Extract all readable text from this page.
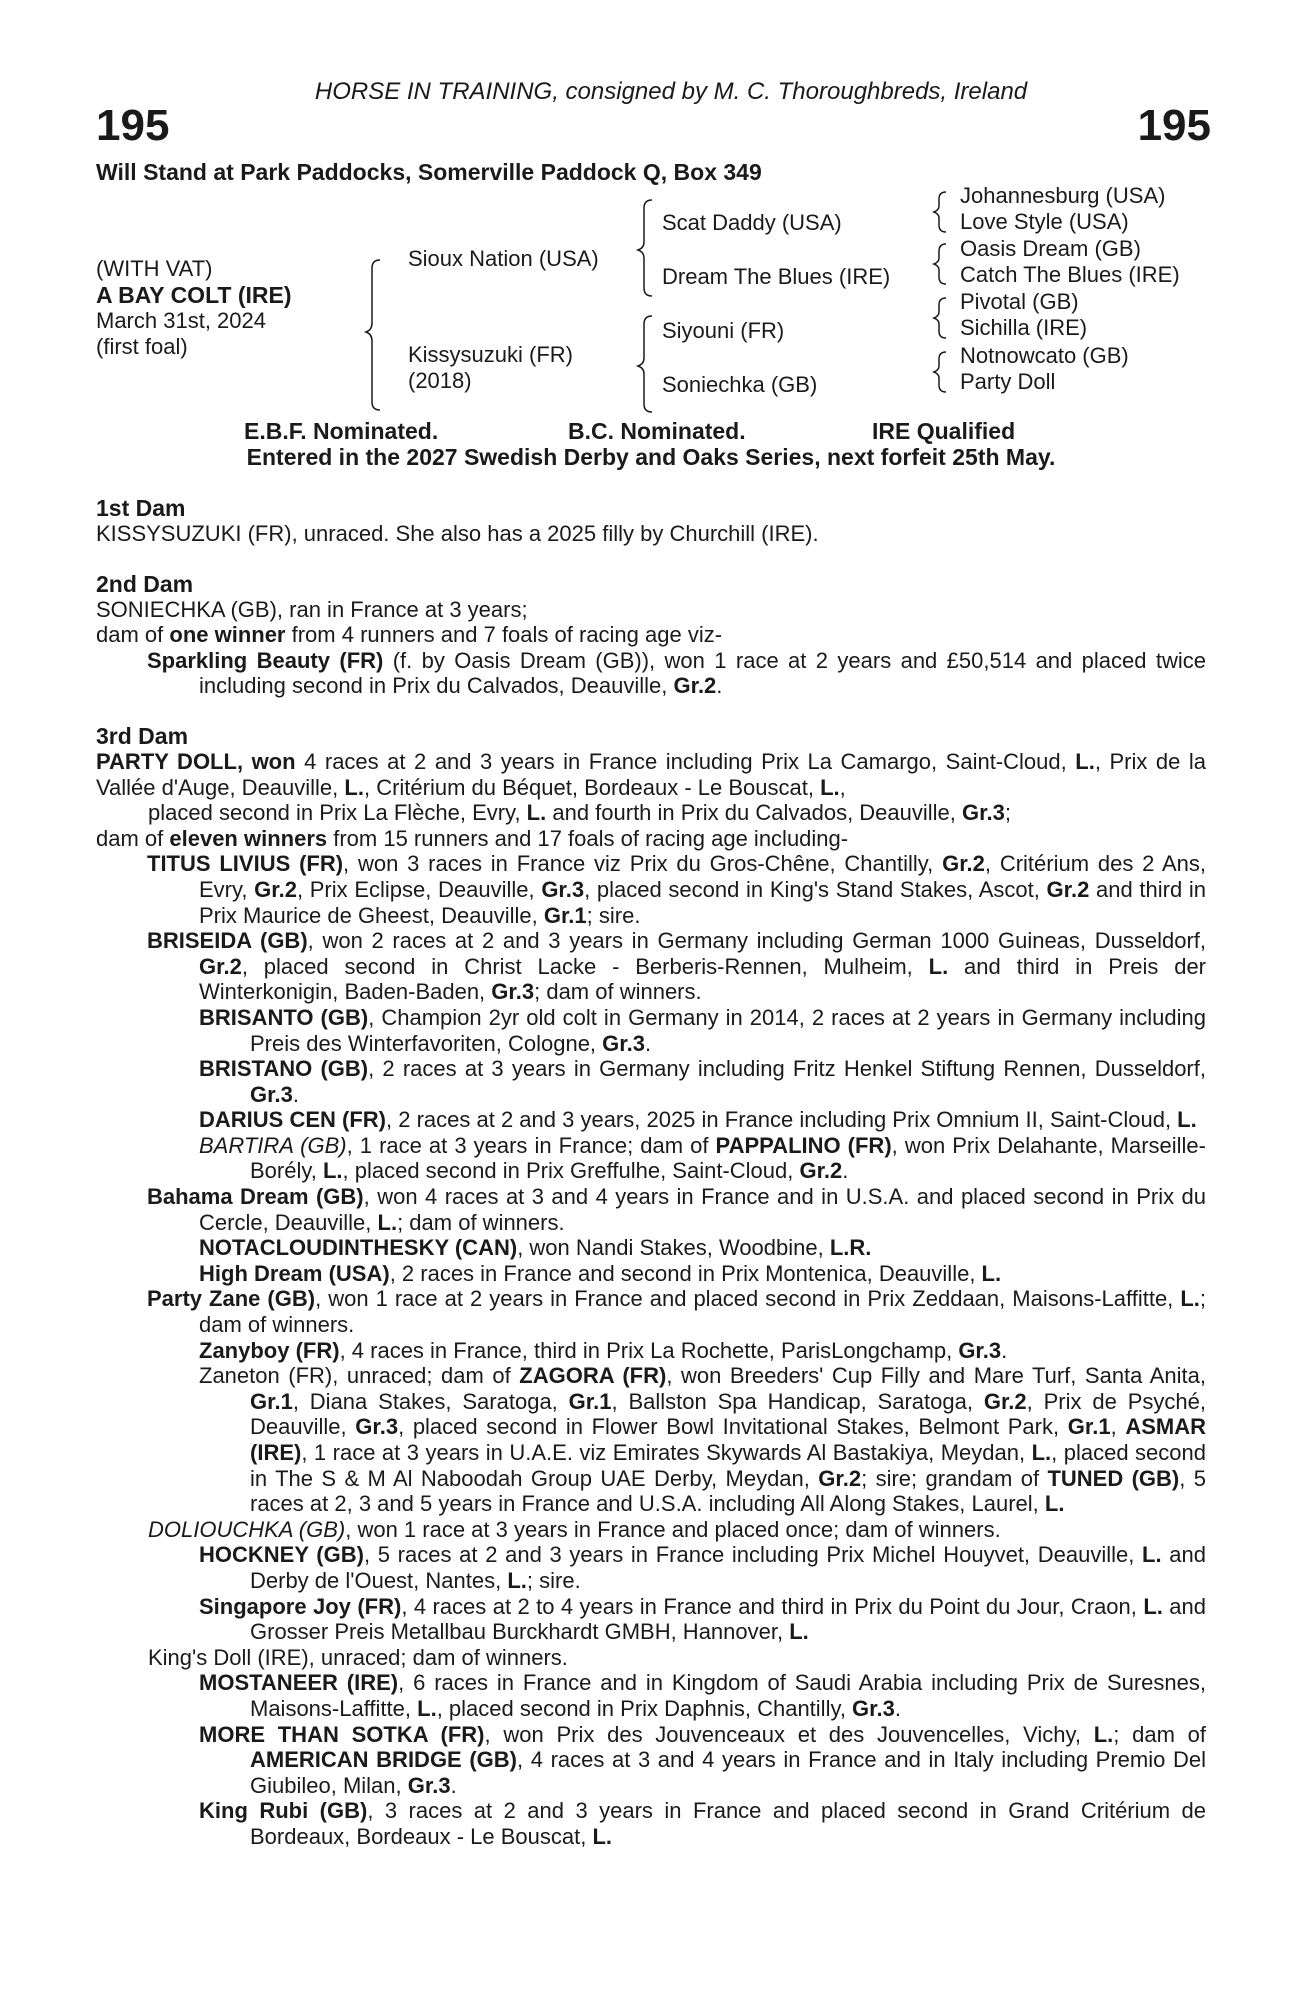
HORSE IN TRAINING, consigned by M. C. Thoroughbreds, Ireland
195	195
Will Stand at Park Paddocks, Somerville Paddock Q, Box 349
(WITH VAT)
A BAY COLT (IRE)
March 31st, 2024
(first foal)
Sioux Nation (USA)
Kissysuzuki (FR)
(2018)
Scat Daddy (USA)
Dream The Blues (IRE)
Siyouni (FR)
Soniechka (GB)
Johannesburg (USA)
Love Style (USA)
Oasis Dream (GB)
Catch The Blues (IRE)
Pivotal (GB)
Sichilla (IRE)
Notnowcato (GB)
Party Doll
E.B.F. Nominated.	B.C. Nominated.	IRE Qualified
Entered in the 2027 Swedish Derby and Oaks Series, next forfeit 25th May.
1st Dam
KISSYSUZUKI (FR), unraced. She also has a 2025 filly by Churchill (IRE).
2nd Dam
SONIECHKA (GB), ran in France at 3 years;
dam of one winner from 4 runners and 7 foals of racing age viz-
Sparkling Beauty (FR) (f. by Oasis Dream (GB)), won 1 race at 2 years and £50,514 and placed twice including second in Prix du Calvados, Deauville, Gr.2.
3rd Dam
PARTY DOLL, won 4 races at 2 and 3 years in France including Prix La Camargo, Saint-Cloud, L., Prix de la Vallée d'Auge, Deauville, L., Critérium du Béquet, Bordeaux - Le Bouscat, L.,
placed second in Prix La Flèche, Evry, L. and fourth in Prix du Calvados, Deauville, Gr.3;
dam of eleven winners from 15 runners and 17 foals of racing age including-
TITUS LIVIUS (FR), won 3 races in France viz Prix du Gros-Chêne, Chantilly, Gr.2, Critérium des 2 Ans, Evry, Gr.2, Prix Eclipse, Deauville, Gr.3, placed second in King's Stand Stakes, Ascot, Gr.2 and third in Prix Maurice de Gheest, Deauville, Gr.1; sire.
BRISEIDA (GB), won 2 races at 2 and 3 years in Germany including German 1000 Guineas, Dusseldorf, Gr.2, placed second in Christ Lacke - Berberis-Rennen, Mulheim, L. and third in Preis der Winterkonigin, Baden-Baden, Gr.3; dam of winners.
BRISANTO (GB), Champion 2yr old colt in Germany in 2014, 2 races at 2 years in Germany including Preis des Winterfavoriten, Cologne, Gr.3.
BRISTANO (GB), 2 races at 3 years in Germany including Fritz Henkel Stiftung Rennen, Dusseldorf, Gr.3.
DARIUS CEN (FR), 2 races at 2 and 3 years, 2025 in France including Prix Omnium II, Saint-Cloud, L.
BARTIRA (GB), 1 race at 3 years in France; dam of PAPPALINO (FR), won Prix Delahante, Marseille-Borély, L., placed second in Prix Greffulhe, Saint-Cloud, Gr.2.
Bahama Dream (GB), won 4 races at 3 and 4 years in France and in U.S.A. and placed second in Prix du Cercle, Deauville, L.; dam of winners.
NOTACLOUDINTHESKY (CAN), won Nandi Stakes, Woodbine, L.R.
High Dream (USA), 2 races in France and second in Prix Montenica, Deauville, L.
Party Zane (GB), won 1 race at 2 years in France and placed second in Prix Zeddaan, Maisons-Laffitte, L.; dam of winners.
Zanyboy (FR), 4 races in France, third in Prix La Rochette, ParisLongchamp, Gr.3.
Zaneton (FR), unraced; dam of ZAGORA (FR), won Breeders' Cup Filly and Mare Turf, Santa Anita, Gr.1, Diana Stakes, Saratoga, Gr.1, Ballston Spa Handicap, Saratoga, Gr.2, Prix de Psyché, Deauville, Gr.3, placed second in Flower Bowl Invitational Stakes, Belmont Park, Gr.1, ASMAR (IRE), 1 race at 3 years in U.A.E. viz Emirates Skywards Al Bastakiya, Meydan, L., placed second in The S & M Al Naboodah Group UAE Derby, Meydan, Gr.2; sire; grandam of TUNED (GB), 5 races at 2, 3 and 5 years in France and U.S.A. including All Along Stakes, Laurel, L.
DOLIOUCHKA (GB), won 1 race at 3 years in France and placed once; dam of winners.
HOCKNEY (GB), 5 races at 2 and 3 years in France including Prix Michel Houyvet, Deauville, L. and Derby de l'Ouest, Nantes, L.; sire.
Singapore Joy (FR), 4 races at 2 to 4 years in France and third in Prix du Point du Jour, Craon, L. and Grosser Preis Metallbau Burckhardt GMBH, Hannover, L.
King's Doll (IRE), unraced; dam of winners.
MOSTANEER (IRE), 6 races in France and in Kingdom of Saudi Arabia including Prix de Suresnes, Maisons-Laffitte, L., placed second in Prix Daphnis, Chantilly, Gr.3.
MORE THAN SOTKA (FR), won Prix des Jouvenceaux et des Jouvencelles, Vichy, L.; dam of AMERICAN BRIDGE (GB), 4 races at 3 and 4 years in France and in Italy including Premio Del Giubileo, Milan, Gr.3.
King Rubi (GB), 3 races at 2 and 3 years in France and placed second in Grand Critérium de Bordeaux, Bordeaux - Le Bouscat, L.
